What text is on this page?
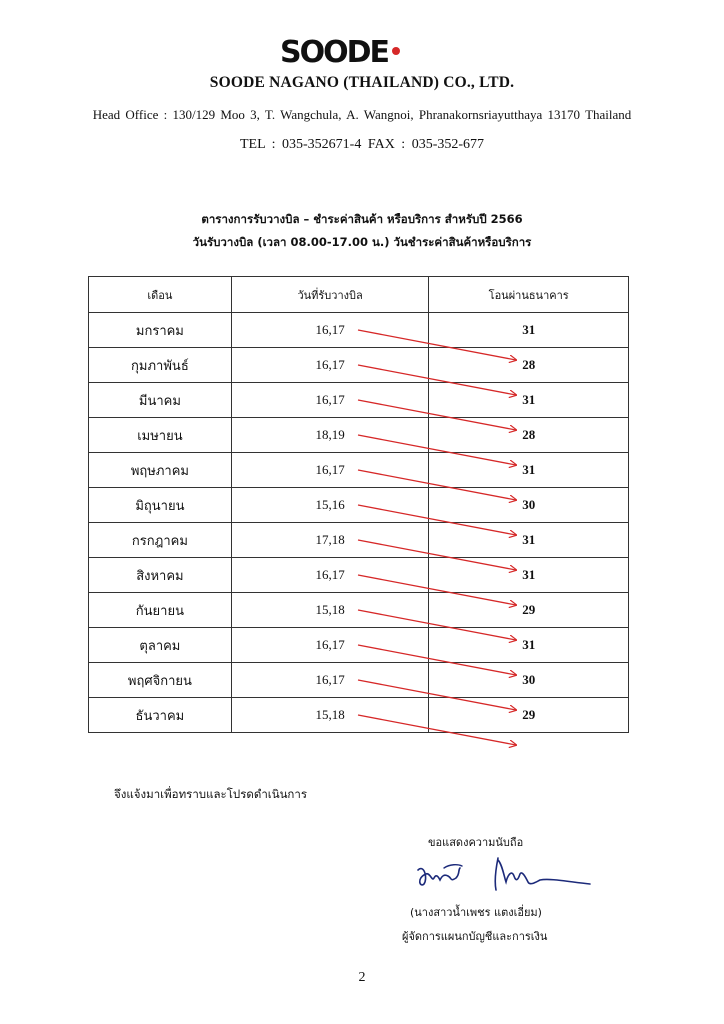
SOODE
SOODE NAGANO (THAILAND) CO., LTD.
Head Office : 130/129 Moo 3, T. Wangchula, A. Wangnoi, Phranakornsriayutthaya 13170 Thailand
TEL : 035-352671-4 FAX : 035-352-677
ตารางการรับวางบิล – ชำระค่าสินค้า หรือบริการ สำหรับปี 2566
วันรับวางบิล (เวลา 08.00-17.00 น.) วันชำระค่าสินค้าหรือบริการ
เดือน	วันที่รับวางบิล	โอนผ่านธนาคาร
มกราคม	16,17	31
กุมภาพันธ์	16,17	28
มีนาคม	16,17	31
เมษายน	18,19	28
พฤษภาคม	16,17	31
มิถุนายน	15,16	30
กรกฎาคม	17,18	31
สิงหาคม	16,17	31
กันยายน	15,18	29
ตุลาคม	16,17	31
พฤศจิกายน	16,17	30
ธันวาคม	15,18	29
จึงแจ้งมาเพื่อทราบและโปรดดำเนินการ
ขอแสดงความนับถือ
(นางสาวน้ำเพชร แตงเอี่ยม)
ผู้จัดการแผนกบัญชีและการเงิน
2
